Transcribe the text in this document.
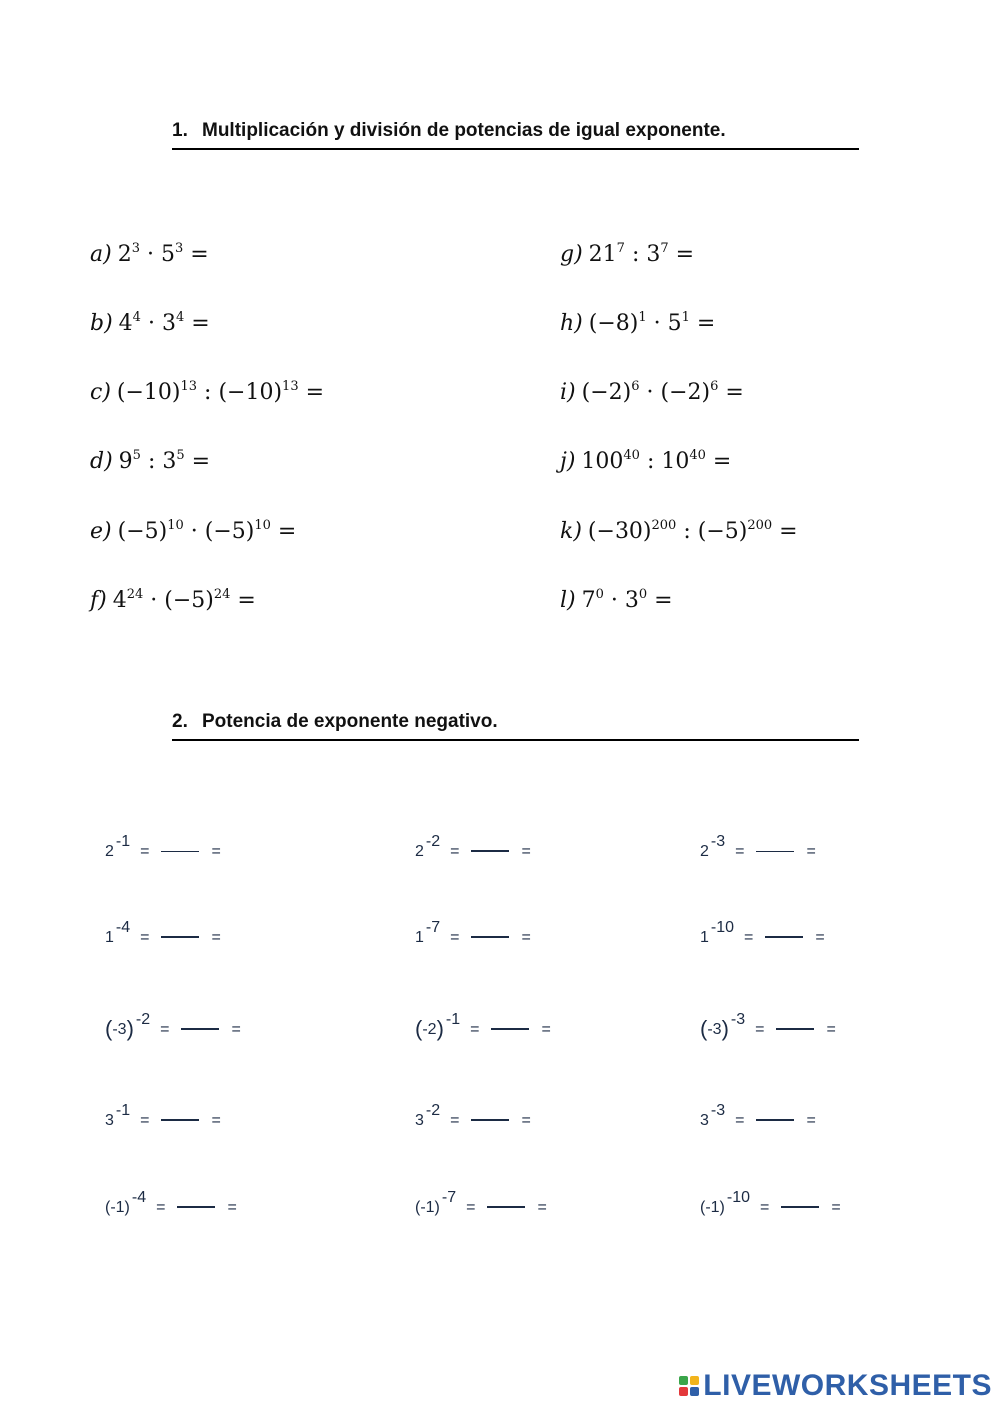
1. Multiplicación y división de potencias de igual exponente.
a) $2^3 \cdot 5^3$ =
b) $4^4 \cdot 3^4$ =
c) $(-10)^{13}$ : $(-10)^{13}$ =
d) $9^5$ : $3^5$ =
e) $(-5)^{10} \cdot (-5)^{10}$ =
f) $4^{24} \cdot (-5)^{24}$ =
g) $21^7$ : $3^7$ =
h) $(-8)^1 \cdot 5^1$ =
i) $(-2)^6 \cdot (-2)^6$ =
j) $100^{40}$ : $10^{40}$ =
k) $(-30)^{200}$ : $(-5)^{200}$ =
l) $7^0 \cdot 3^0$ =
2. Potencia de exponente negativo.
$2^{-1}=$	=	$2^{-2}=$	=	$2^{-3}=$	=
$1^{-4}=$	=	$1^{-7}=$	=	$1^{-10}=$	=
(-3) $^{-2}$=	=	(-2) $^{-1}$=	=	(-3) $^{-3}$=	=
$3^{-1}=$	=	$3^{-2}=$	=	$3^{-3}=$	=
$(-1)^{-4}=$	=	$(-1)^{-7}=$	=	$(-1)^{-10}=$	=
LIVEWORKSHEETS
